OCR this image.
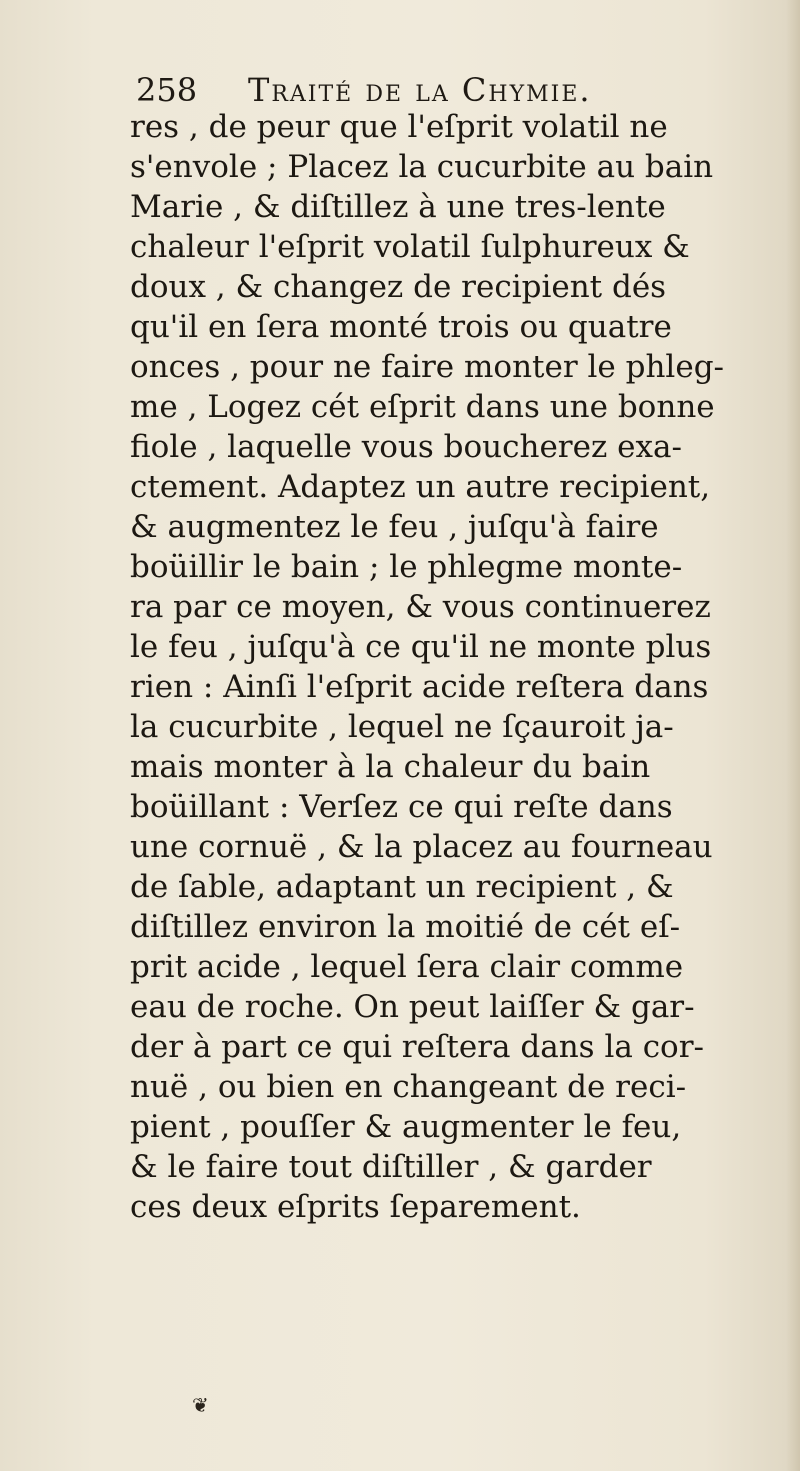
258 Traité de la Chymie.
res , de peur que l'eſprit volatil ne
s'envole ; Placez la cucurbite au bain
Marie , & diſtillez à une tres-lente
chaleur l'eſprit volatil ſulphureux &
doux , & changez de recipient dés
qu'il en ſera monté trois ou quatre
onces , pour ne faire monter le phleg-
me , Logez cét eſprit dans une bonne
fiole , laquelle vous boucherez exa-
ctement. Adaptez un autre recipient,
& augmentez le feu , juſqu'à faire
boüillir le bain ; le phlegme monte-
ra par ce moyen, & vous continuerez
le feu , juſqu'à ce qu'il ne monte plus
rien : Ainſi l'eſprit acide reſtera dans
la cucurbite , lequel ne ſçauroit ja-
mais monter à la chaleur du bain
boüillant : Verſez ce qui reſte dans
une cornuë , & la placez au fourneau
de ſable, adaptant un recipient , &
diſtillez environ la moitié de cét eſ-
prit acide , lequel ſera clair comme
eau de roche. On peut laiſſer & gar-
der à part ce qui reſtera dans la cor-
nuë , ou bien en changeant de reci-
pient , pouſſer & augmenter le feu,
& le faire tout diſtiller , & garder
ces deux eſprits ſeparement.
❦
